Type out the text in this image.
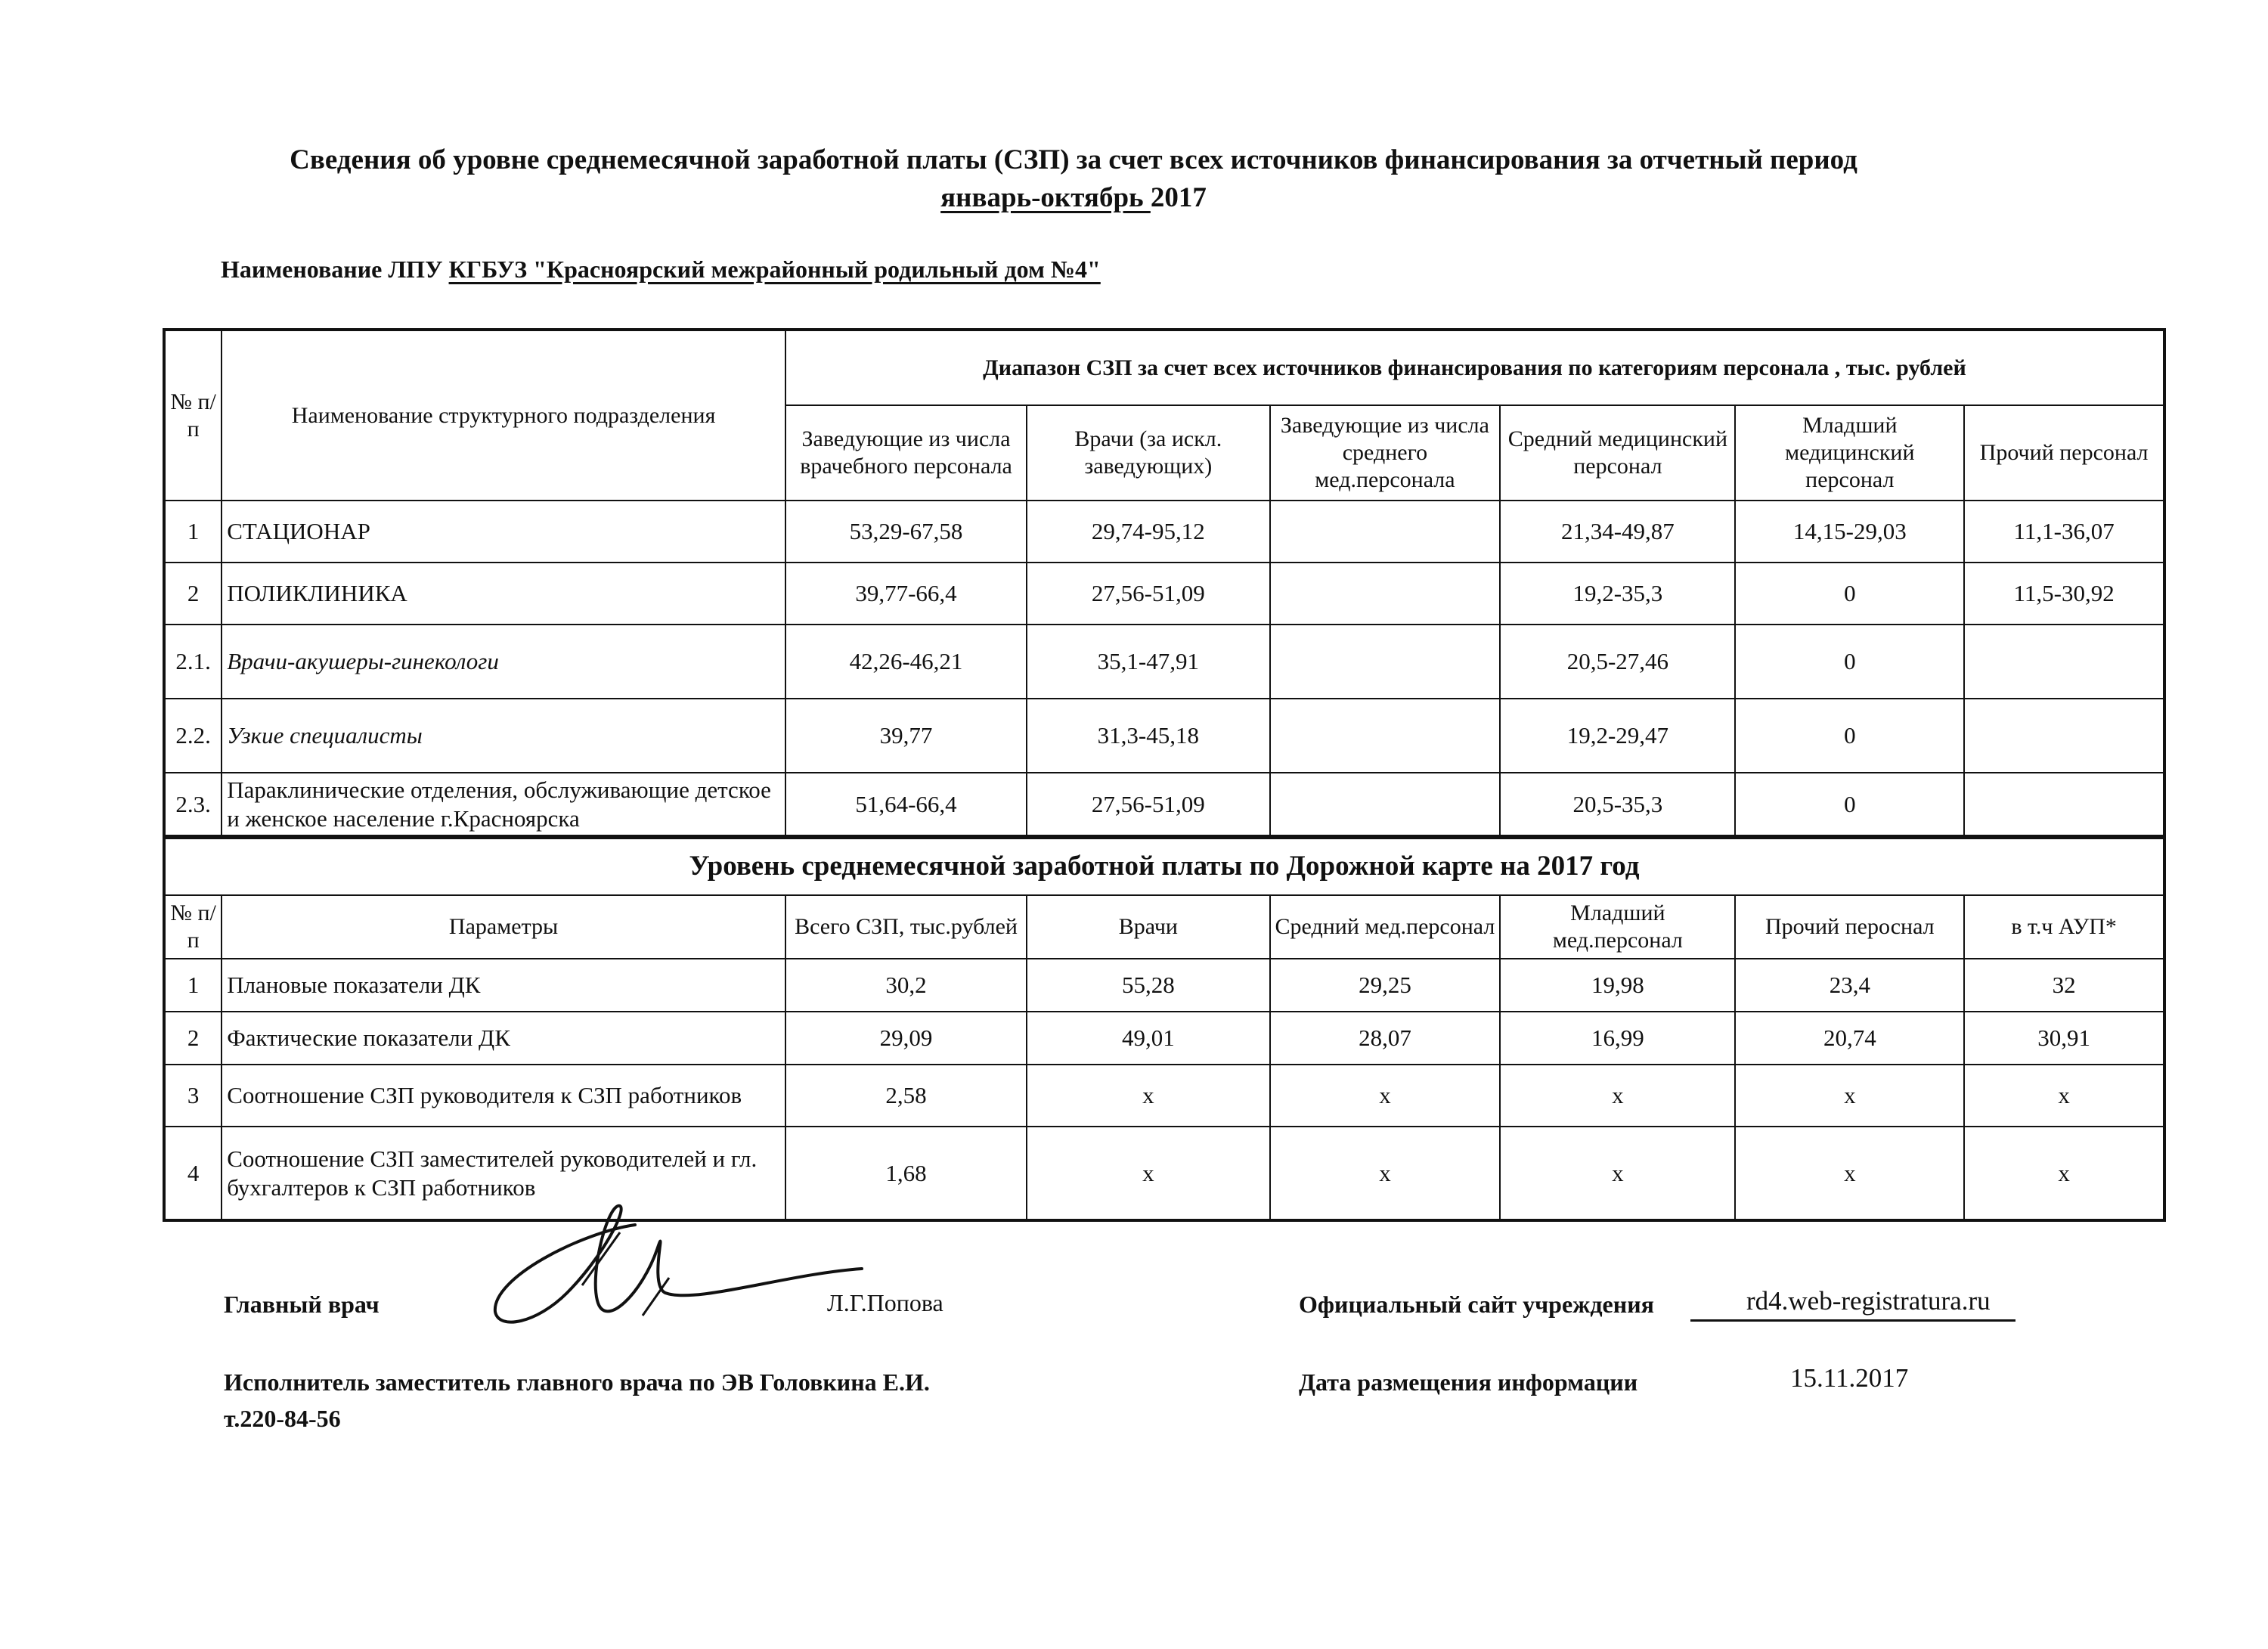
Сведения об уровне среднемесячной заработной платы (СЗП) за счет всех источников финансирования за отчетный период
январь-октябрь 2017
Наименование ЛПУ КГБУЗ "Красноярский межрайонный родильный дом №4"
№ п/п	Наименование структурного подразделения	Диапазон СЗП за счет всех источников финансирования по категориям персонала , тыс. рублей					
		Заведующие из числа врачебного персонала	Врачи (за искл. заведующих)	Заведующие из числа среднего мед.персонала	Средний медицинский персонал	Младший медицинский персонал	Прочий персонал
1	СТАЦИОНАР	53,29-67,58	29,74-95,12		21,34-49,87	14,15-29,03	11,1-36,07
2	ПОЛИКЛИНИКА	39,77-66,4	27,56-51,09		19,2-35,3	0	11,5-30,92
2.1.	Врачи-акушеры-гинекологи	42,26-46,21	35,1-47,91		20,5-27,46	0	
2.2.	Узкие специалисты	39,77	31,3-45,18		19,2-29,47	0	
2.3.	Параклинические отделения, обслуживающие детское и женское население г.Красноярска	51,64-66,4	27,56-51,09		20,5-35,3	0	
Уровень среднемесячной заработной платы по Дорожной карте на 2017 год							
№ п/п	Параметры	Всего СЗП, тыс.рублей	Врачи	Средний мед.персонал	Младший мед.персонал	Прочий пероснал	в т.ч АУП*
1	Плановые показатели ДК	30,2	55,28	29,25	19,98	23,4	32
2	Фактические показатели ДК	29,09	49,01	28,07	16,99	20,74	30,91
3	Соотношение СЗП руководителя к СЗП работников	2,58	х	х	х	х	х
4	Соотношение СЗП заместителей руководителей и гл. бухгалтеров к СЗП работников	1,68	х	х	х	х	х
Главный врач	Л.Г.Попова	Официальный сайт учреждения	rd4.web-registratura.ru
Исполнитель заместитель главного врача по ЭВ Головкина Е.И.
т.220-84-56
Дата размещения информации	15.11.2017
